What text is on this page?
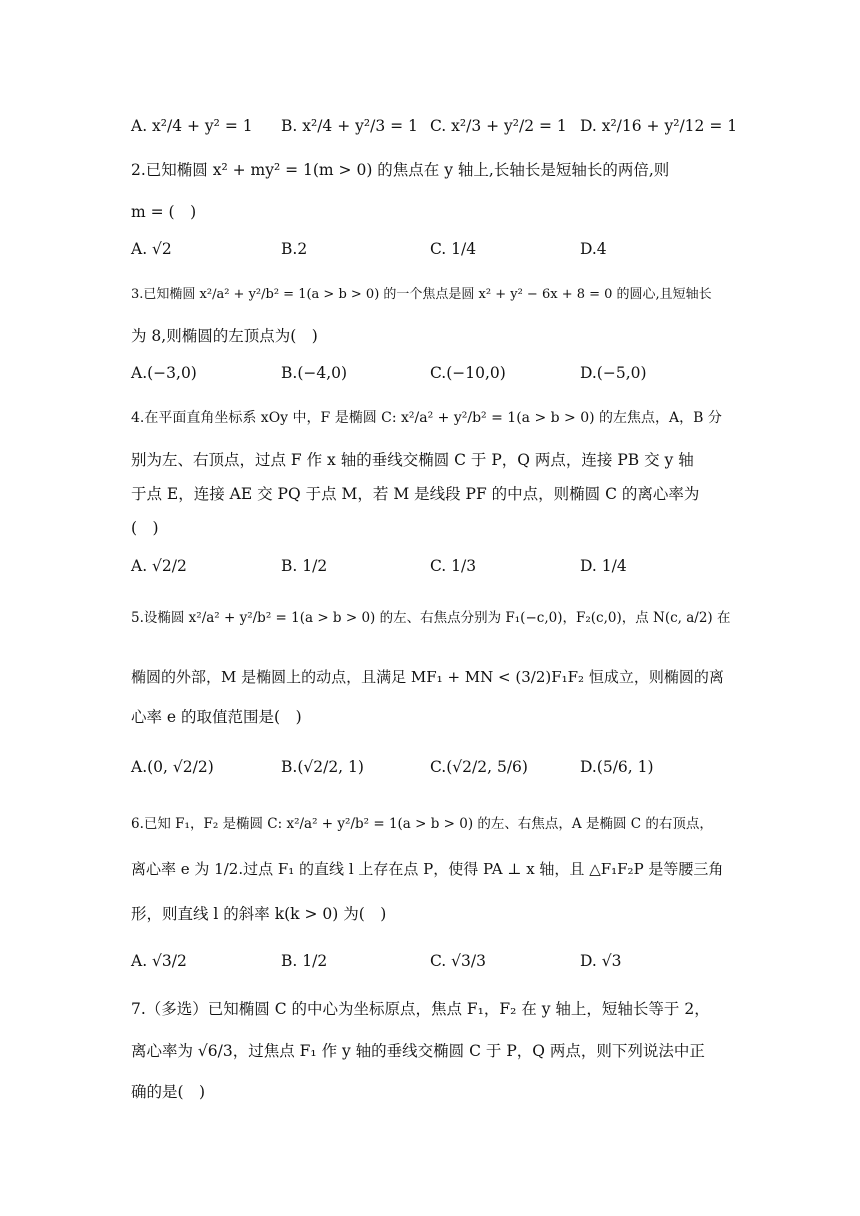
A. x²/4 + y² = 1 B. x²/4 + y²/3 = 1 C. x²/3 + y²/2 = 1 D. x²/16 + y²/12 = 1
2.已知椭圆 x² + my² = 1(m > 0) 的焦点在 y 轴上,长轴长是短轴长的两倍,则
m = (　)
A. √2	B.2	C. 1/4	D.4
3.已知椭圆 x²/a² + y²/b² = 1(a > b > 0) 的一个焦点是圆 x² + y² − 6x + 8 = 0 的圆心,且短轴长
为 8,则椭圆的左顶点为(　)
A.(−3,0)	B.(−4,0)	C.(−10,0)	D.(−5,0)
4.在平面直角坐标系 xOy 中，F 是椭圆 C: x²/a² + y²/b² = 1(a > b > 0) 的左焦点，A，B 分
别为左、右顶点，过点 F 作 x 轴的垂线交椭圆 C 于 P，Q 两点，连接 PB 交 y 轴
于点 E，连接 AE 交 PQ 于点 M，若 M 是线段 PF 的中点，则椭圆 C 的离心率为
(　)
A. √2/2	B. 1/2	C. 1/3	D. 1/4
5.设椭圆 x²/a² + y²/b² = 1(a > b > 0) 的左、右焦点分别为 F₁(−c,0)，F₂(c,0)，点 N(c, a/2) 在
椭圆的外部，M 是椭圆上的动点，且满足 MF₁ + MN < (3/2)F₁F₂ 恒成立，则椭圆的离
心率 e 的取值范围是(　)
A.(0, √2/2)	B.(√2/2, 1)	C.(√2/2, 5/6)	D.(5/6, 1)
6.已知 F₁，F₂ 是椭圆 C: x²/a² + y²/b² = 1(a > b > 0) 的左、右焦点，A 是椭圆 C 的右顶点，
离心率 e 为 1/2.过点 F₁ 的直线 l 上存在点 P，使得 PA ⊥ x 轴，且 △F₁F₂P 是等腰三角
形，则直线 l 的斜率 k(k > 0) 为(　)
A. √3/2	B. 1/2	C. √3/3	D. √3
7.（多选）已知椭圆 C 的中心为坐标原点，焦点 F₁，F₂ 在 y 轴上，短轴长等于 2，
离心率为 √6/3，过焦点 F₁ 作 y 轴的垂线交椭圆 C 于 P，Q 两点，则下列说法中正
确的是(　)
